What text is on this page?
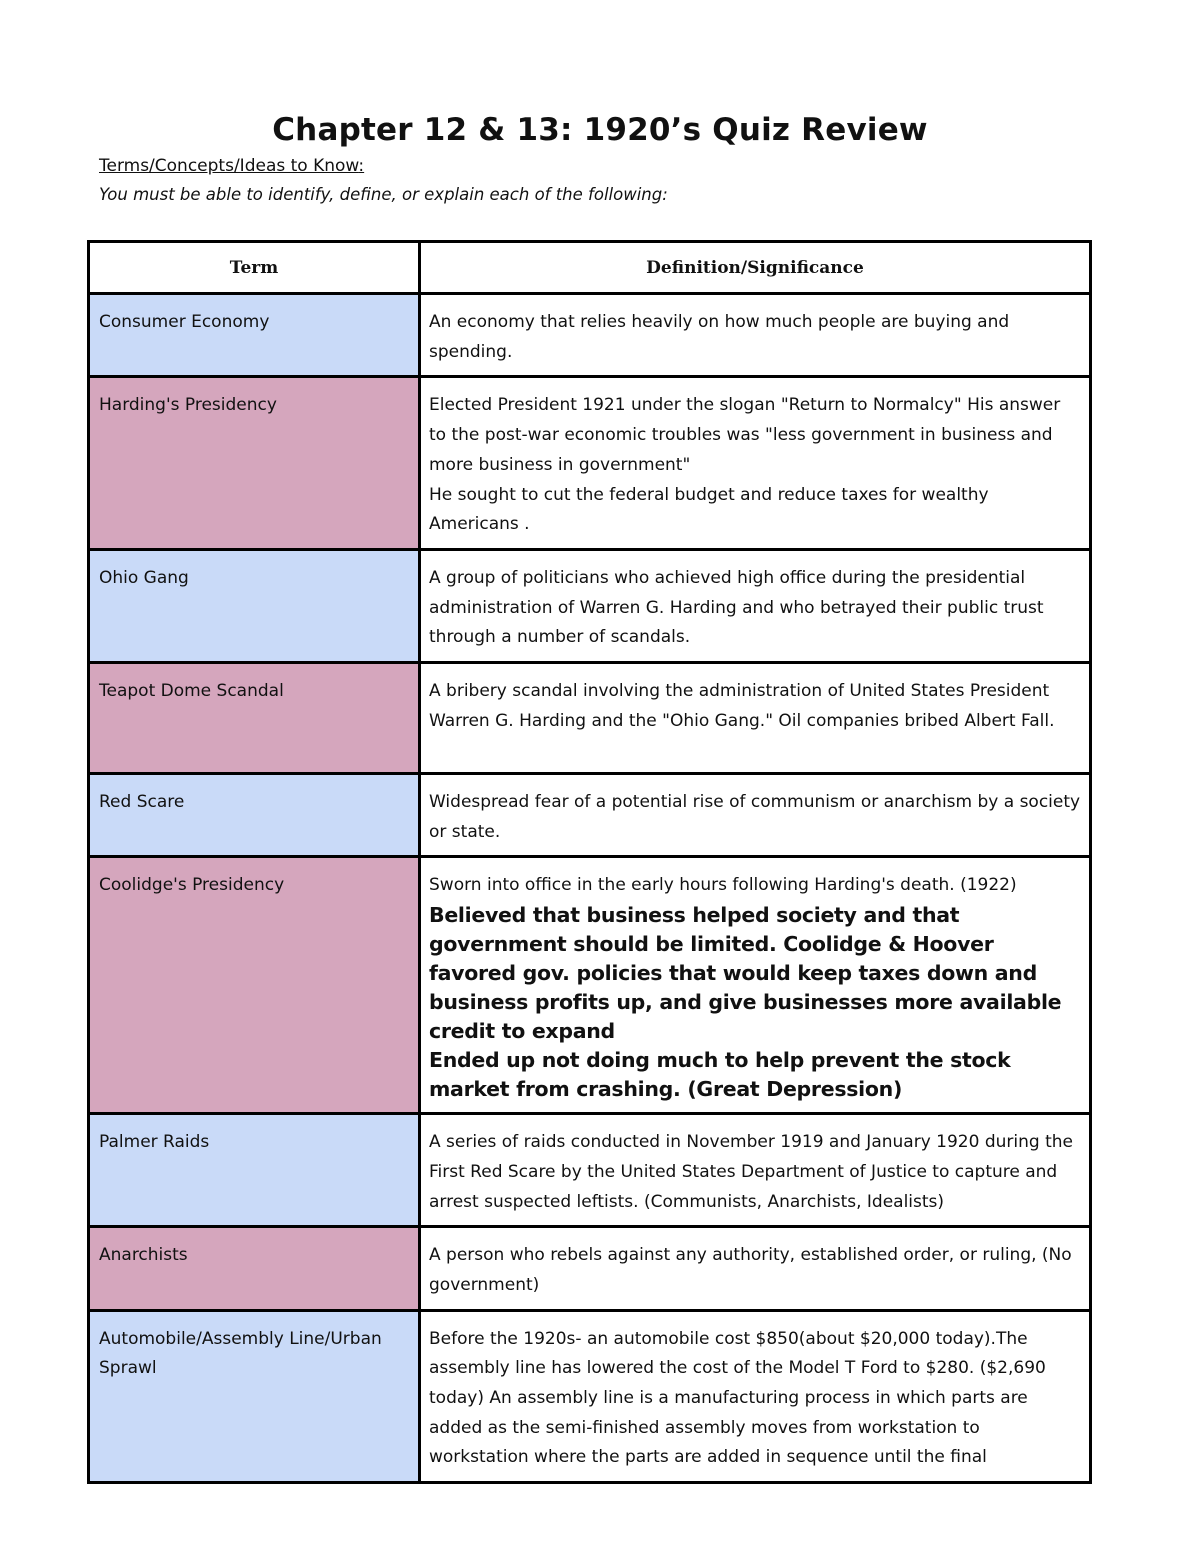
Chapter 12 & 13: 1920’s Quiz Review

Terms/Concepts/Ideas to Know:

You must be able to identify, define, or explain each of the following:

Term	Definition/Significance
Consumer Economy	An economy that relies heavily on how much people are buying and spending.

Harding's Presidency	Elected President 1921 under the slogan "Return to Normalcy" His answer to the post-war economic troubles was "less government in business and more business in government"
He sought to cut the federal budget and reduce taxes for wealthy Americans .

Ohio Gang	A group of politicians who achieved high office during the presidential administration of Warren G. Harding and who betrayed their public trust through a number of scandals.

Teapot Dome Scandal	A bribery scandal involving the administration of United States President Warren G. Harding and the "Ohio Gang." Oil companies bribed Albert Fall.

Red Scare	Widespread fear of a potential rise of communism or anarchism by a society or state.

Coolidge's Presidency	Sworn into office in the early hours following Harding's death. (1922)
Believed that business helped society and that government should be limited. Coolidge & Hoover favored gov. policies that would keep taxes down and business profits up, and give businesses more available credit to expand
Ended up not doing much to help prevent the stock market from crashing. (Great Depression)

Palmer Raids	A series of raids conducted in November 1919 and January 1920 during the First Red Scare by the United States Department of Justice to capture and arrest suspected leftists. (Communists, Anarchists, Idealists)

Anarchists	A person who rebels against any authority, established order, or ruling, (No government)

Automobile/Assembly Line/Urban Sprawl	Before the 1920s- an automobile cost $850(about $20,000 today).The assembly line has lowered the cost of the Model T Ford to $280. ($2,690 today) An assembly line is a manufacturing process in which parts are added as the semi-finished assembly moves from workstation to workstation where the parts are added in sequence until the final
